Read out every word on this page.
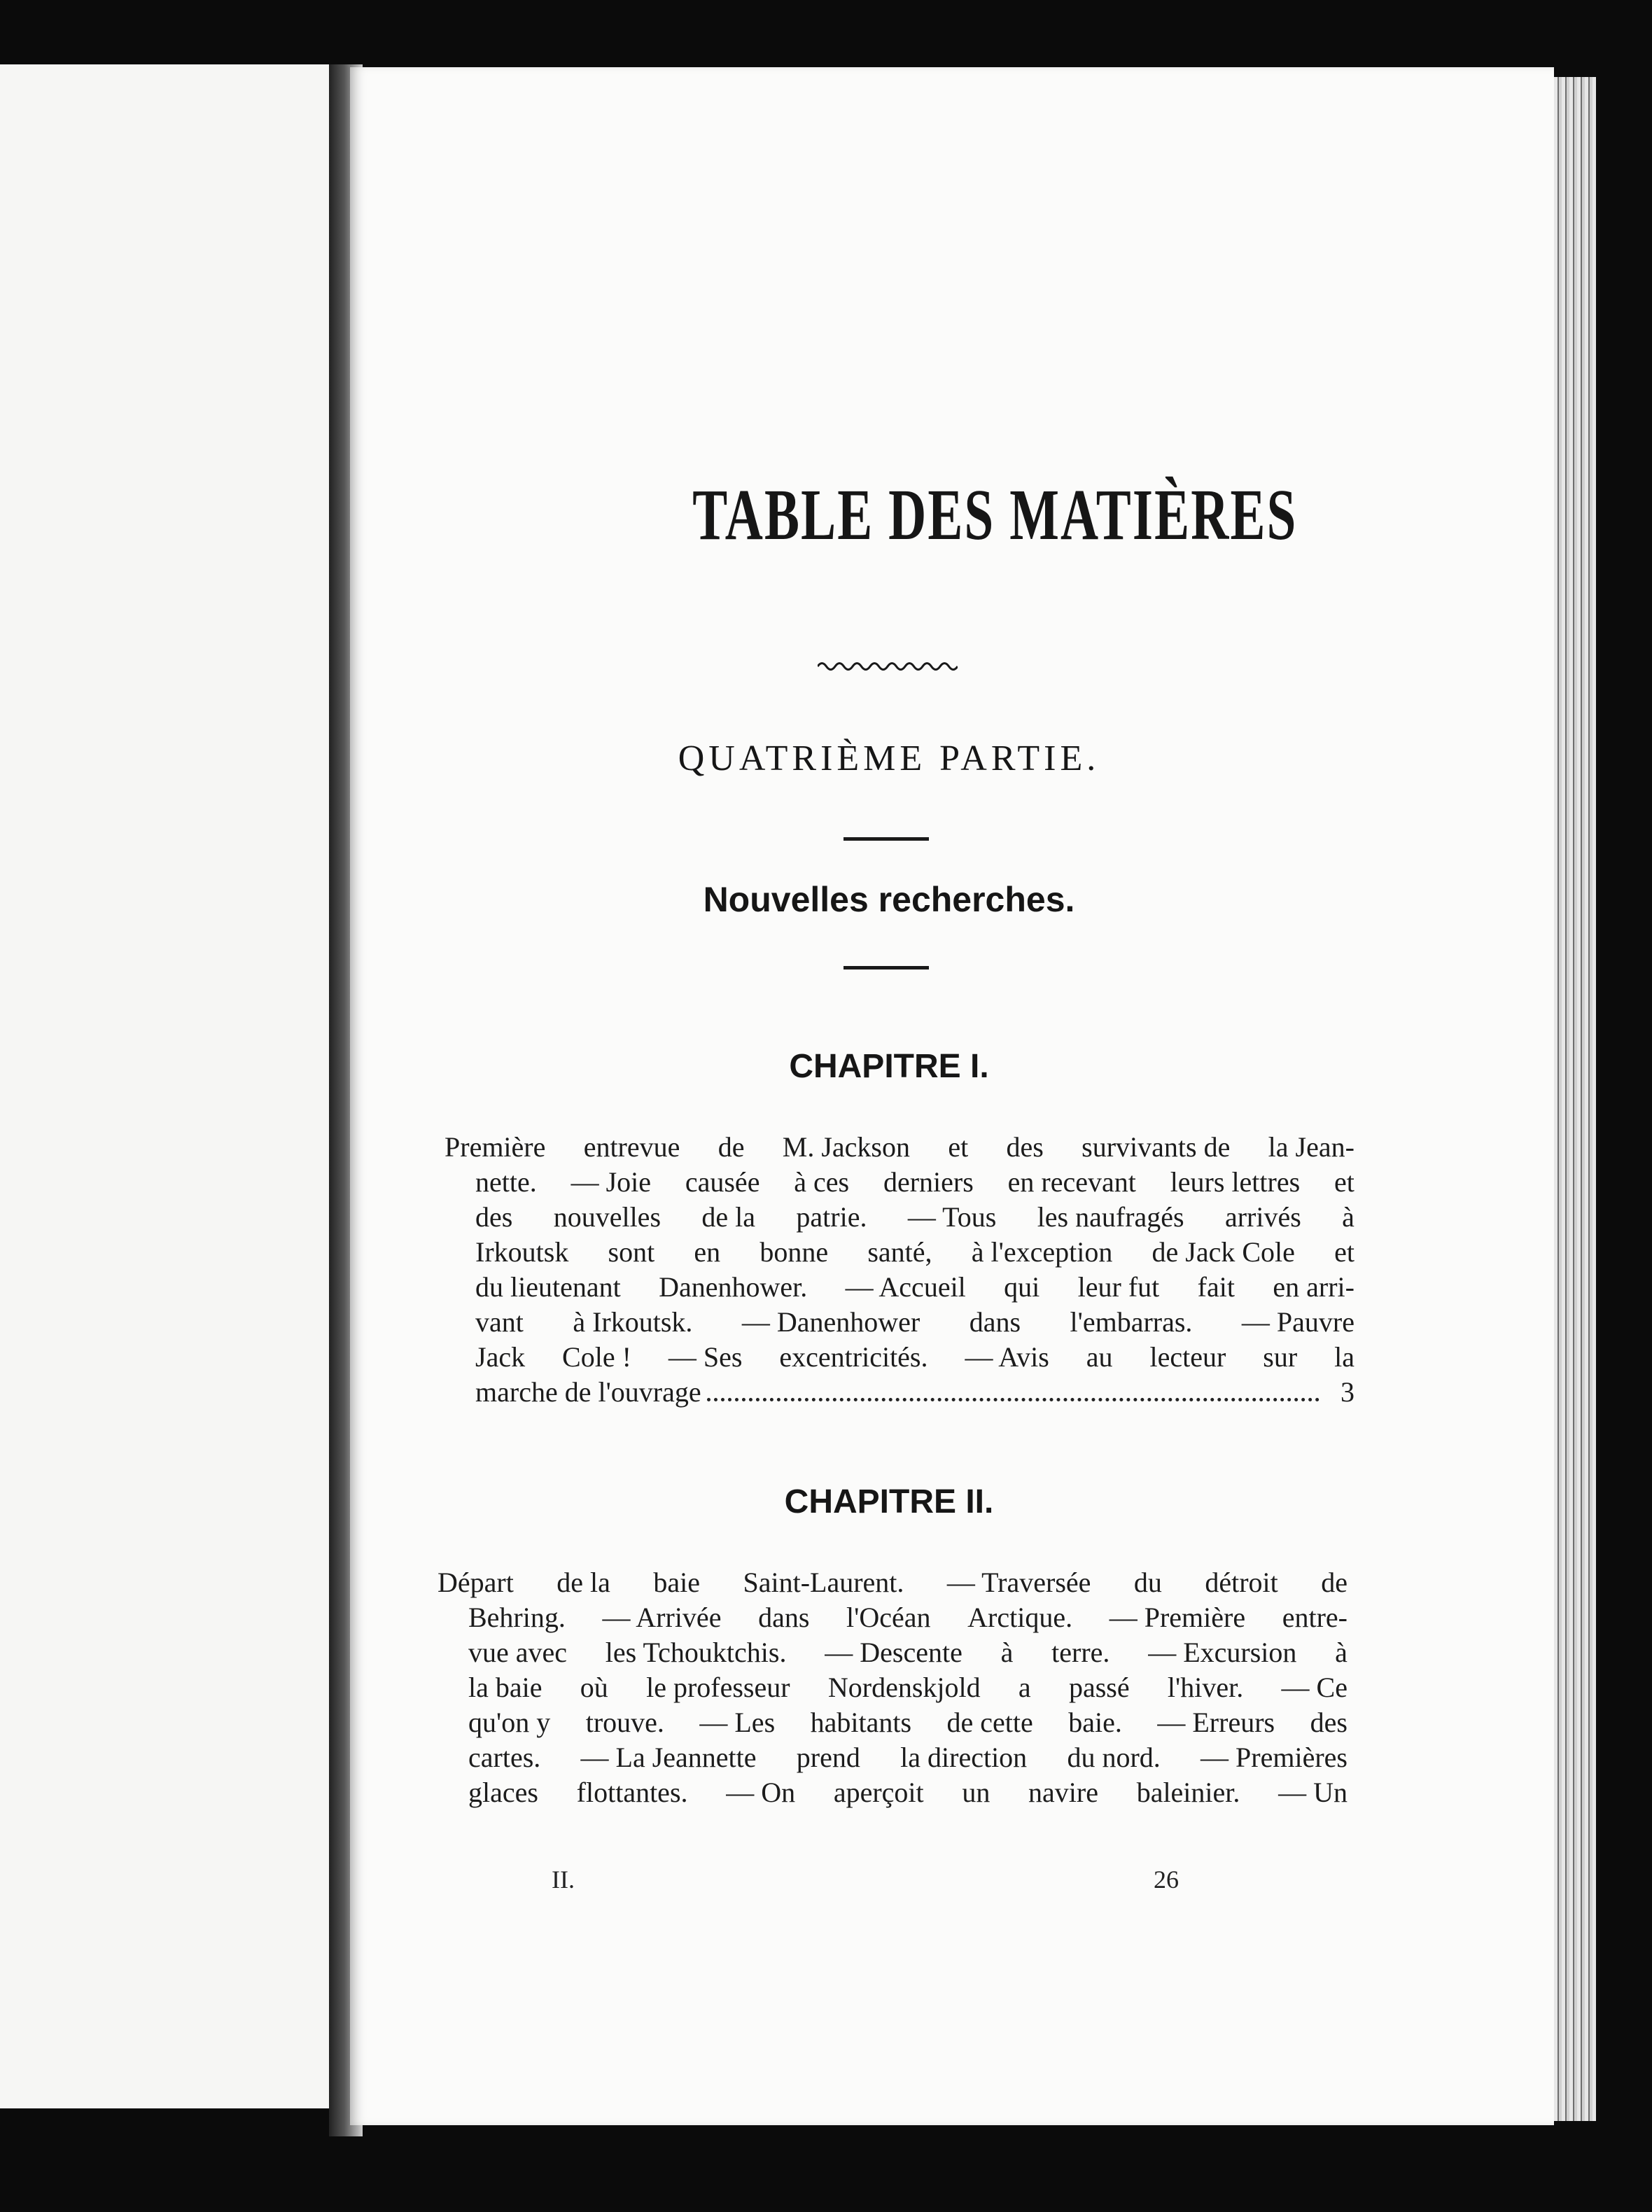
TABLE DES MATIÈRES
QUATRIÈME PARTIE.
Nouvelles recherches.
CHAPITRE I.
Première entrevue de M. Jackson et des survivants de la Jean-
nette. — Joie causée à ces derniers en recevant leurs lettres et
des nouvelles de la patrie. — Tous les naufragés arrivés à
Irkoutsk sont en bonne santé, à l'exception de Jack Cole et
du lieutenant Danenhower. — Accueil qui leur fut fait en arri-
vant à Irkoutsk. — Danenhower dans l'embarras. — Pauvre
Jack Cole ! — Ses excentricités. — Avis au lecteur sur la
marche de l'ouvrage	3
CHAPITRE II.
Départ de la baie Saint-Laurent. — Traversée du détroit de
Behring. — Arrivée dans l'Océan Arctique. — Première entre-
vue avec les Tchouktchis. — Descente à terre. — Excursion à
la baie où le professeur Nordenskjold a passé l'hiver. — Ce
qu'on y trouve. — Les habitants de cette baie. — Erreurs des
cartes. — La Jeannette prend la direction du nord. — Premières
glaces flottantes. — On aperçoit un navire baleinier. — Un
II.	26
